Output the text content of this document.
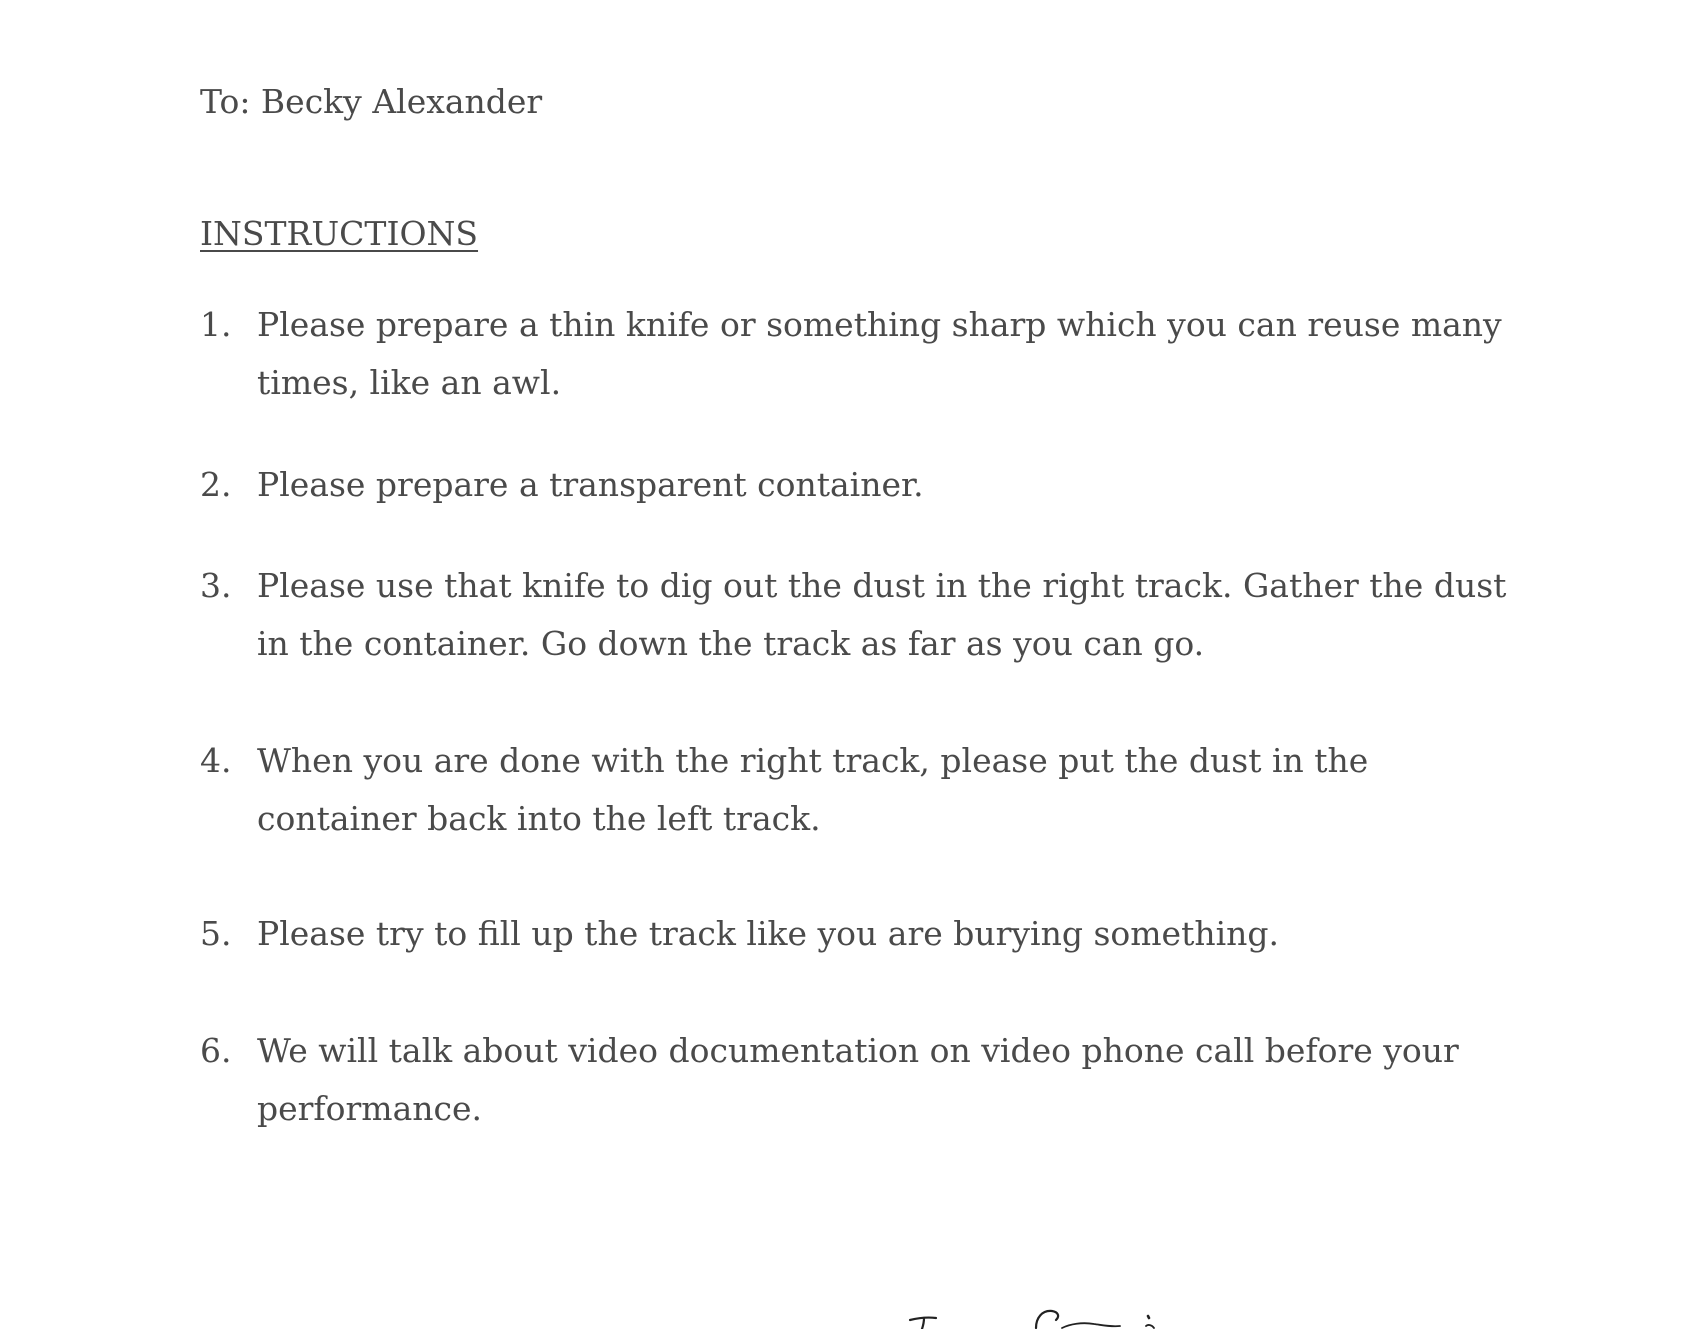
To: Becky Alexander
INSTRUCTIONS
1. Please prepare a thin knife or something sharp which you can reuse many times, like an awl.
2. Please prepare a transparent container.
3. Please use that knife to dig out the dust in the right track. Gather the dust in the container. Go down the track as far as you can go.
4. When you are done with the right track, please put the dust in the container back into the left track.
5. Please try to fill up the track like you are burying something.
6. We will talk about video documentation on video phone call before your performance.
